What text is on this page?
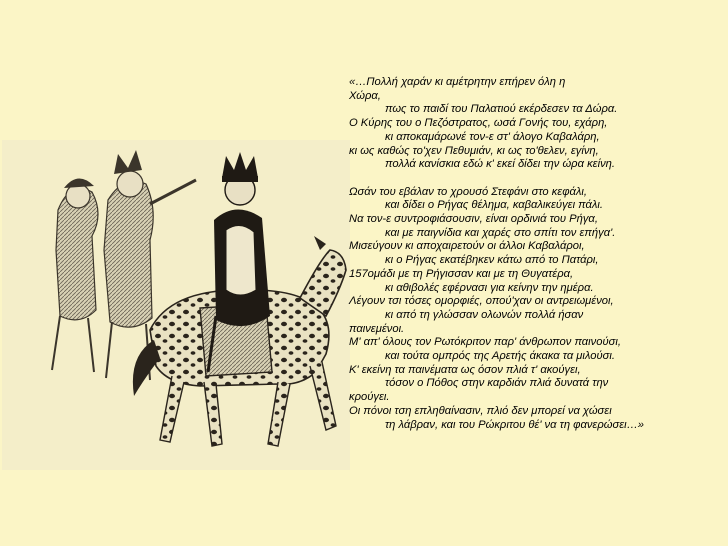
«…Πολλή χαράν κι αμέτρητην επήρεν όλη η
Χώρα,
πως το παιδί του Παλατιού εκέρδεσεν τα Δώρα.
Ο Κύρης του ο Πεζόστρατος, ωσά Γονής του, εχάρη,
κι αποκαμάρωνέ τον-ε στ' άλογο Καβαλάρη,
κι ως καθώς το'χεν Πεθυμιάν, κι ως το'θελεν, εγίνη,
πολλά κανίσκια εδώ κ' εκεί δίδει την ώρα κείνη.
Ωσάν του εβάλαν το χρουσό Στεφάνι στο κεφάλι,
και δίδει ο Ρήγας θέλημα, καβαλικεύγει πάλι.
Να τον-ε συντροφιάσουσιν, είναι ορδινιά του Ρήγα,
και με παιγνίδια και χαρές στο σπίτι τον επήγα'.
Μισεύγουν κι αποχαιρετούν οι άλλοι Καβαλάροι,
κι ο Ρήγας εκατέβηκεν κάτω από το Πατάρι,
157ομάδι με τη Ρήγισσαν και με τη Θυγατέρα,
κι αθιβολές εφέρνασι για κείνην την ημέρα.
Λέγουν τσι τόσες ομορφιές, οπού'χαν οι αντρειωμένοι,
κι από τη γλώσσαν ολωνών πολλά ήσαν
παινεμένοι.
Μ' απ' όλους τον Ρωτόκριτον παρ' άνθρωπον παινούσι,
και τούτα ομπρός της Αρετής άκακα τα μιλούσι.
Κ' εκείνη τα παινέματα ως όσον πλιά τ' ακούγει,
τόσον ο Πόθος στην καρδιάν πλιά δυνατά την
κρούγει.
Οι πόνοι τση επληθαίνασιν, πλιό δεν μπορεί να χώσει
τη λάβραν, και του Ρώκριτου θέ' να τη φανερώσει…»
